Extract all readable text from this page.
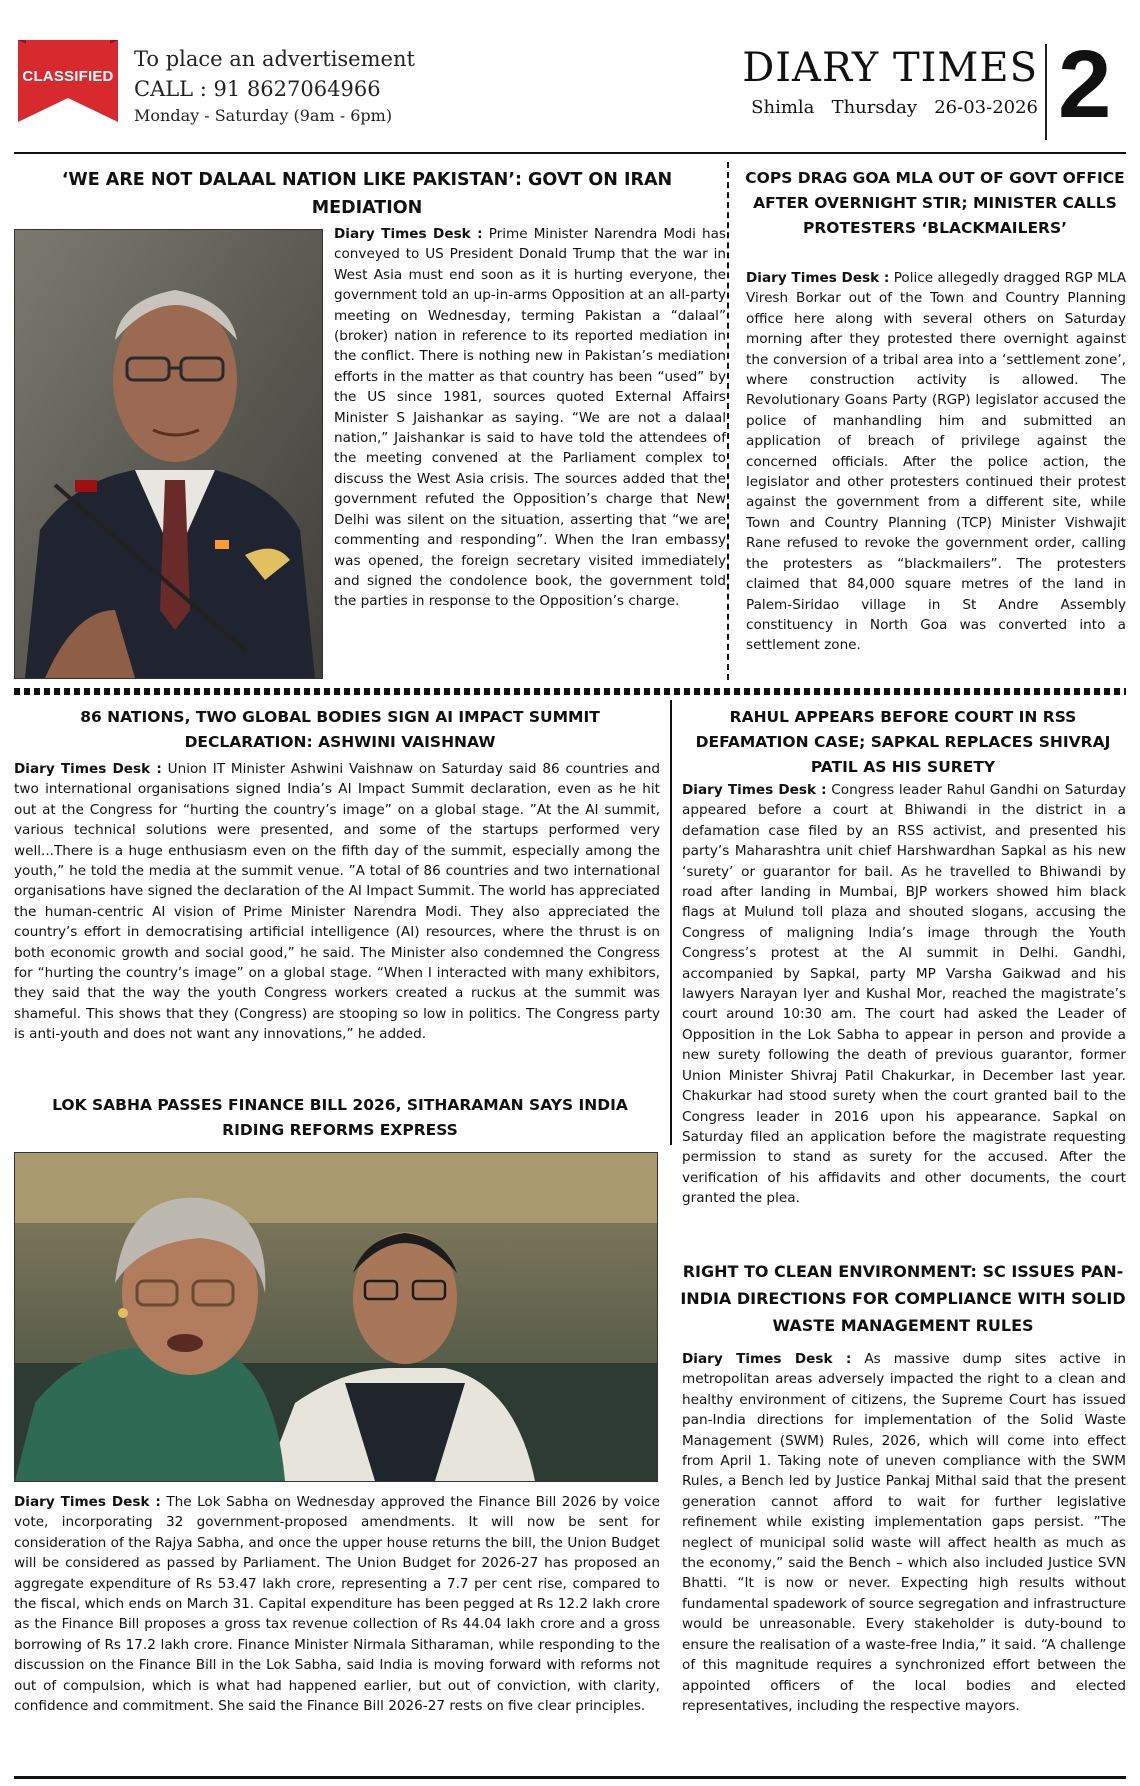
CLASSIFIED
To place an advertisement
CALL : 91 8627064966
Monday - Saturday (9am - 6pm)
DIARY TIMES
Shimla Thursday 26-03-2026 2
‘WE ARE NOT DALAAL NATION LIKE PAKISTAN’: GOVT ON IRAN MEDIATION
Diary Times Desk : Prime Minister Narendra Modi has conveyed to US President Donald Trump that the war in West Asia must end soon as it is hurting everyone, the government told an up-in-arms Opposition at an all-party meeting on Wednesday, terming Pakistan a “dalaal” (broker) nation in reference to its reported mediation in the conflict. There is nothing new in Pakistan’s mediation efforts in the matter as that country has been “used” by the US since 1981, sources quoted External Affairs Minister S Jaishankar as saying. “We are not a dalaal nation,” Jaishankar is said to have told the attendees of the meeting convened at the Parliament complex to discuss the West Asia crisis. The sources added that the government refuted the Opposition’s charge that New Delhi was silent on the situation, asserting that “we are commenting and responding”. When the Iran embassy was opened, the foreign secretary visited immediately and signed the condolence book, the government told the parties in response to the Opposition’s charge.
COPS DRAG GOA MLA OUT OF GOVT OFFICE AFTER OVERNIGHT STIR; MINISTER CALLS PROTESTERS ‘BLACKMAILERS’
Diary Times Desk : Police allegedly dragged RGP MLA Viresh Borkar out of the Town and Country Planning office here along with several others on Saturday morning after they protested there overnight against the conversion of a tribal area into a ‘settlement zone’, where construction activity is allowed. The Revolutionary Goans Party (RGP) legislator accused the police of manhandling him and submitted an application of breach of privilege against the concerned officials. After the police action, the legislator and other protesters continued their protest against the government from a different site, while Town and Country Planning (TCP) Minister Vishwajit Rane refused to revoke the government order, calling the protesters as “blackmailers”. The protesters claimed that 84,000 square metres of the land in Palem-Siridao village in St Andre Assembly constituency in North Goa was converted into a settlement zone.
86 NATIONS, TWO GLOBAL BODIES SIGN AI IMPACT SUMMIT DECLARATION: ASHWINI VAISHNAW
Diary Times Desk : Union IT Minister Ashwini Vaishnaw on Saturday said 86 countries and two international organisations signed India’s AI Impact Summit declaration, even as he hit out at the Congress for “hurting the country’s image” on a global stage. ”At the AI summit, various technical solutions were presented, and some of the startups performed very well...There is a huge enthusiasm even on the fifth day of the summit, especially among the youth,” he told the media at the summit venue. ”A total of 86 countries and two international organisations have signed the declaration of the AI Impact Summit. The world has appreciated the human-centric AI vision of Prime Minister Narendra Modi. They also appreciated the country’s effort in democratising artificial intelligence (AI) resources, where the thrust is on both economic growth and social good,” he said. The Minister also condemned the Congress for “hurting the country’s image” on a global stage. “When I interacted with many exhibitors, they said that the way the youth Congress workers created a ruckus at the summit was shameful. This shows that they (Congress) are stooping so low in politics. The Congress party is anti-youth and does not want any innovations,” he added.
RAHUL APPEARS BEFORE COURT IN RSS DEFAMATION CASE; SAPKAL REPLACES SHIVRAJ PATIL AS HIS SURETY
Diary Times Desk : Congress leader Rahul Gandhi on Saturday appeared before a court at Bhiwandi in the district in a defamation case filed by an RSS activist, and presented his party’s Maharashtra unit chief Harshwardhan Sapkal as his new ‘surety’ or guarantor for bail. As he travelled to Bhiwandi by road after landing in Mumbai, BJP workers showed him black flags at Mulund toll plaza and shouted slogans, accusing the Congress of maligning India’s image through the Youth Congress’s protest at the AI summit in Delhi. Gandhi, accompanied by Sapkal, party MP Varsha Gaikwad and his lawyers Narayan Iyer and Kushal Mor, reached the magistrate’s court around 10:30 am. The court had asked the Leader of Opposition in the Lok Sabha to appear in person and provide a new surety following the death of previous guarantor, former Union Minister Shivraj Patil Chakurkar, in December last year. Chakurkar had stood surety when the court granted bail to the Congress leader in 2016 upon his appearance. Sapkal on Saturday filed an application before the magistrate requesting permission to stand as surety for the accused. After the verification of his affidavits and other documents, the court granted the plea.
LOK SABHA PASSES FINANCE BILL 2026, SITHARAMAN SAYS INDIA RIDING REFORMS EXPRESS
Diary Times Desk : The Lok Sabha on Wednesday approved the Finance Bill 2026 by voice vote, incorporating 32 government-proposed amendments. It will now be sent for consideration of the Rajya Sabha, and once the upper house returns the bill, the Union Budget will be considered as passed by Parliament. The Union Budget for 2026-27 has proposed an aggregate expenditure of Rs 53.47 lakh crore, representing a 7.7 per cent rise, compared to the fiscal, which ends on March 31. Capital expenditure has been pegged at Rs 12.2 lakh crore as the Finance Bill proposes a gross tax revenue collection of Rs 44.04 lakh crore and a gross borrowing of Rs 17.2 lakh crore. Finance Minister Nirmala Sitharaman, while responding to the discussion on the Finance Bill in the Lok Sabha, said India is moving forward with reforms not out of compulsion, which is what had happened earlier, but out of conviction, with clarity, confidence and commitment. She said the Finance Bill 2026-27 rests on five clear principles.
RIGHT TO CLEAN ENVIRONMENT: SC ISSUES PAN-INDIA DIRECTIONS FOR COMPLIANCE WITH SOLID WASTE MANAGEMENT RULES
Diary Times Desk : As massive dump sites active in metropolitan areas adversely impacted the right to a clean and healthy environment of citizens, the Supreme Court has issued pan-India directions for implementation of the Solid Waste Management (SWM) Rules, 2026, which will come into effect from April 1. Taking note of uneven compliance with the SWM Rules, a Bench led by Justice Pankaj Mithal said that the present generation cannot afford to wait for further legislative refinement while existing implementation gaps persist. ”The neglect of municipal solid waste will affect health as much as the economy,” said the Bench – which also included Justice SVN Bhatti. “It is now or never. Expecting high results without fundamental spadework of source segregation and infrastructure would be unreasonable. Every stakeholder is duty-bound to ensure the realisation of a waste-free India,” it said. “A challenge of this magnitude requires a synchronized effort between the appointed officers of the local bodies and elected representatives, including the respective mayors.
